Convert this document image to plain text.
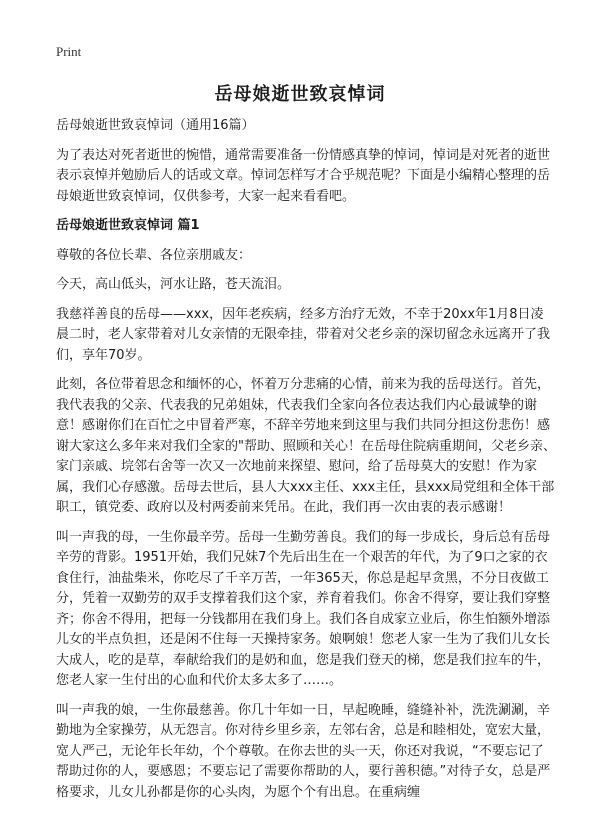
Print
岳母娘逝世致哀悼词

岳母娘逝世致哀悼词（通用16篇）

为了表达对死者逝世的惋惜，通常需要准备一份情感真挚的悼词，悼词是对死者的逝世表示哀悼并勉励后人的话或文章。悼词怎样写才合乎规范呢？下面是小编精心整理的岳母娘逝世致哀悼词，仅供参考，大家一起来看看吧。

岳母娘逝世致哀悼词 篇1

尊敬的各位长辈、各位亲朋戚友：

今天，高山低头，河水让路，苍天流泪。

我慈祥善良的岳母——xxx，因年老疾病，经多方治疗无效，不幸于20xx年1月8日凌晨二时，老人家带着对儿女亲情的无限牵挂，带着对父老乡亲的深切留念永远离开了我们，享年70岁。

此刻，各位带着思念和缅怀的心，怀着万分悲痛的心情，前来为我的岳母送行。首先，我代表我的父亲、代表我的兄弟姐妹，代表我们全家向各位表达我们内心最诚挚的谢意！感谢你们在百忙之中冒着严寒，不辞辛劳地来到这里与我们共同分担这份悲伤！感谢大家这么多年来对我们全家的"帮助、照顾和关心！在岳母住院病重期间，父老乡亲、家门亲戚、垸邻右舍等一次又一次地前来探望、慰问，给了岳母莫大的安慰！作为家属，我们心存感激。岳母去世后，县人大xxx主任、xxx主任，县xxx局党组和全体干部职工，镇党委、政府以及村两委前来凭吊。在此，我们再一次由衷的表示感谢！

叫一声我的母，一生你最辛劳。岳母一生勤劳善良。我们的每一步成长，身后总有岳母辛劳的背影。1951开始，我们兄妹7个先后出生在一个艰苦的年代，为了9口之家的衣食住行，油盐柴米，你吃尽了千辛万苦，一年365天，你总是起早贪黑，不分日夜做工分，凭着一双勤劳的双手支撑着我们这个家，养育着我们。你舍不得穿，要让我们穿整齐；你舍不得用，把每一分钱都用在我们身上。我们各自成家立业后，你生怕额外增添儿女的半点负担，还是闲不住每一天操持家务。娘啊娘！您老人家一生为了我们儿女长大成人，吃的是草，奉献给我们的是奶和血，您是我们登天的梯，您是我们拉车的牛，您老人家一生付出的心血和代价太多太多了……。

叫一声我的娘，一生你最慈善。你几十年如一日，早起晚睡，缝缝补补，洗洗涮涮，辛勤地为全家操劳，从无怨言。你对待乡里乡亲，左邻右舍，总是和睦相处，宽宏大量，宽人严己，无论年长年幼，个个尊敬。在你去世的头一天，你还对我说，“不要忘记了帮助过你的人，要感恩；不要忘记了需要你帮助的人，要行善积德。”对待子女，总是严格要求，儿女儿孙都是你的心头肉，为愿个个有出息。在重病缠
